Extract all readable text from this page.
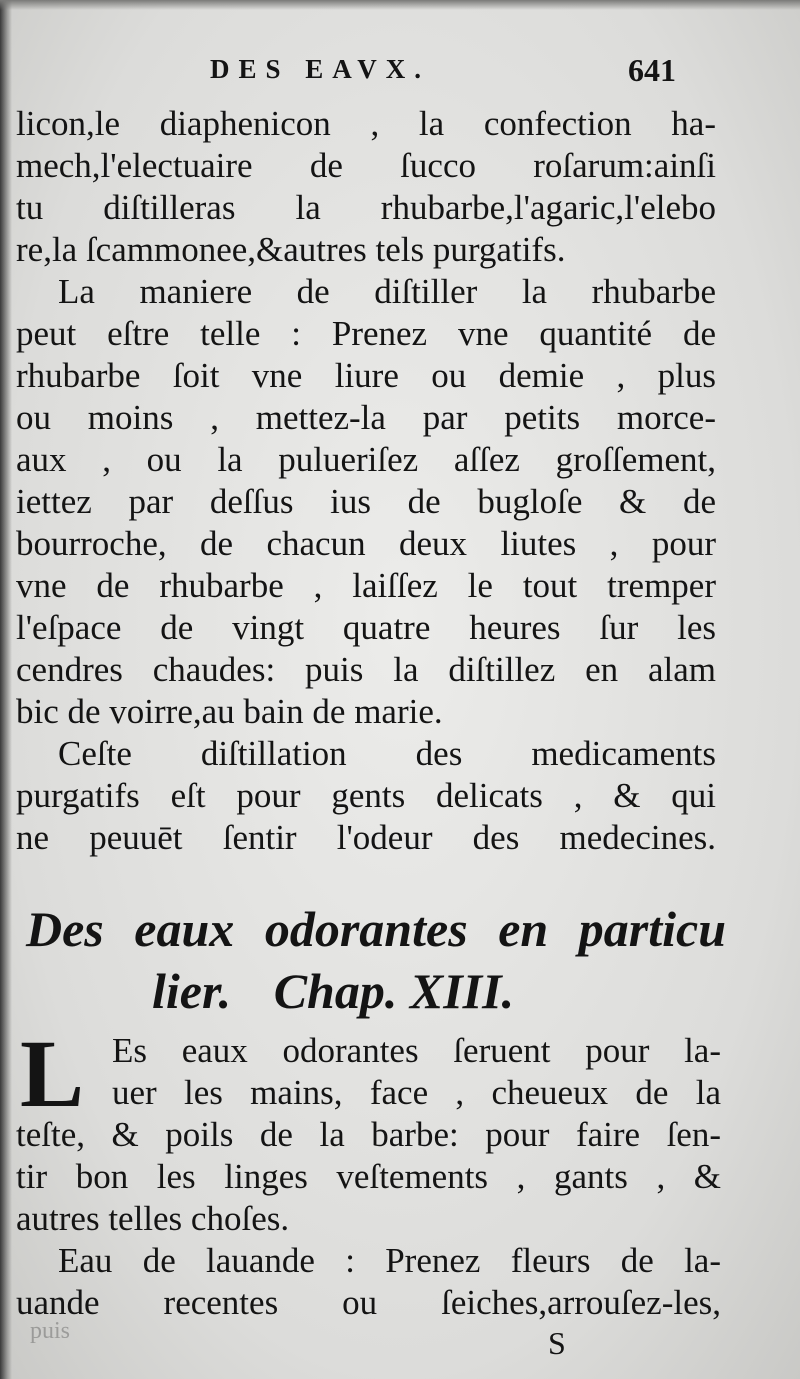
DES EAVX.	641
licon,le diaphenicon , la confection ha-
mech,l'electuaire de ſucco roſarum:ainſi
tu diſtilleras la rhubarbe,l'agaric,l'elebo
re,la ſcammonee,&autres tels purgatifs.
La maniere de diſtiller la rhubarbe
peut eſtre telle : Prenez vne quantité de
rhubarbe ſoit vne liure ou demie , plus
ou moins , mettez-la par petits morce-
aux , ou la pulueriſez aſſez groſſement,
iettez par deſſus ius de bugloſe & de
bourroche, de chacun deux liutes , pour
vne de rhubarbe , laiſſez le tout tremper
l'eſpace de vingt quatre heures ſur les
cendres chaudes: puis la diſtillez en alam
bic de voirre,au bain de marie.
Ceſte diſtillation des medicaments
purgatifs eſt pour gents delicats , & qui
ne peuuēt ſentir l'odeur des medecines.
Des eaux odorantes en particu
lier. Chap. XIII.
L Es eaux odorantes ſeruent pour la-
uer les mains, face , cheueux de la
teſte, & poils de la barbe: pour faire ſen-
tir bon les linges veſtements , gants , &
autres telles choſes.
Eau de lauande : Prenez fleurs de la-
uande recentes ou ſeiches,arrouſez-les,
puis	S
